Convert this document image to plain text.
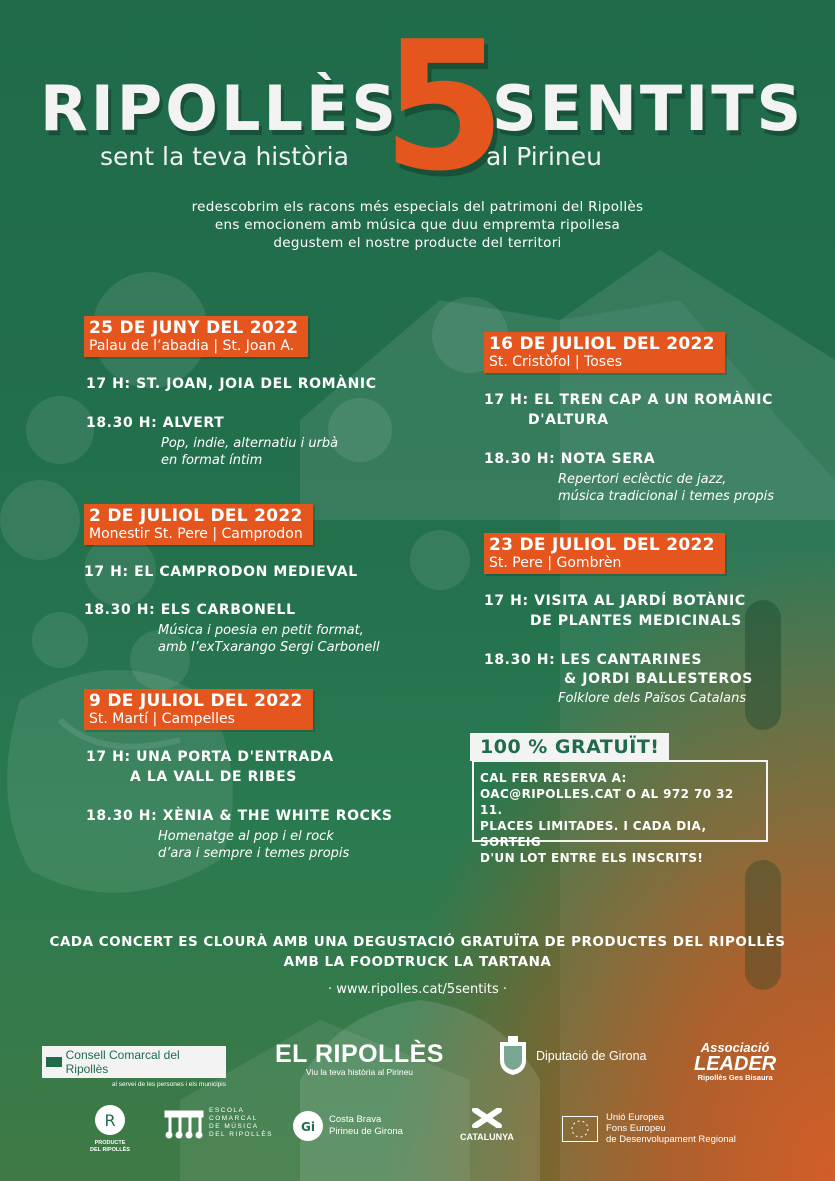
RIPOLLÈS
5
SENTITS
sent la teva història	al Pirineu
redescobrim els racons més especials del patrimoni del Ripollès
ens emocionem amb música que duu empremta ripollesa
degustem el nostre producte del territori
25 DE JUNY DEL 2022
Palau de l’abadia | St. Joan A.
17 H: ST. JOAN, JOIA DEL ROMÀNIC
18.30 H: ALVERT
Pop, indie, alternatiu i urbà
en format íntim
2 DE JULIOL DEL 2022
Monestir St. Pere | Camprodon
17 H: EL CAMPRODON MEDIEVAL
18.30 H: ELS CARBONELL
Música i poesia en petit format,
amb l’exTxarango Sergi Carbonell
9 DE JULIOL DEL 2022
St. Martí | Campelles
17 H: UNA PORTA D'ENTRADA
A LA VALL DE RIBES
18.30 H: XÈNIA & THE WHITE ROCKS
Homenatge al pop i el rock
d’ara i sempre i temes propis
16 DE JULIOL DEL 2022
St. Cristòfol | Toses
17 H: EL TREN CAP A UN ROMÀNIC
D'ALTURA
18.30 H: NOTA SERA
Repertori eclèctic de jazz,
música tradicional i temes propis
23 DE JULIOL DEL 2022
St. Pere | Gombrèn
17 H: VISITA AL JARDÍ BOTÀNIC
DE PLANTES MEDICINALS
18.30 H: LES CANTARINES
& JORDI BALLESTEROS
Folklore dels Països Catalans
100 % GRATUÏT!
CAL FER RESERVA A:
OAC@RIPOLLES.CAT O AL 972 70 32 11.
PLACES LIMITADES. I CADA DIA, SORTEIG
D'UN LOT ENTRE ELS INSCRITS!
CADA CONCERT ES CLOURÀ AMB UNA DEGUSTACIÓ GRATUÏTA DE PRODUCTES DEL RIPOLLÈS
AMB LA FOODTRUCK LA TARTANA
· www.ripolles.cat/5sentits ·
Consell Comarcal del Ripollès
al servei de les persones i els municipis
EL RIPOLLÈS
Viu la teva història al Pirineu
Diputació de Girona
Associació
LEADER
Ripollès Ges Bisaura
R
PRODUCTE
DEL RIPOLLÈS
ESCOLA
COMARCAL
DE MÚSICA
DEL RIPOLLÈS
Gi
Costa Brava
Pirineu de Girona	CATALUNYA
Unió Europea
Fons Europeu
de Desenvolupament Regional
